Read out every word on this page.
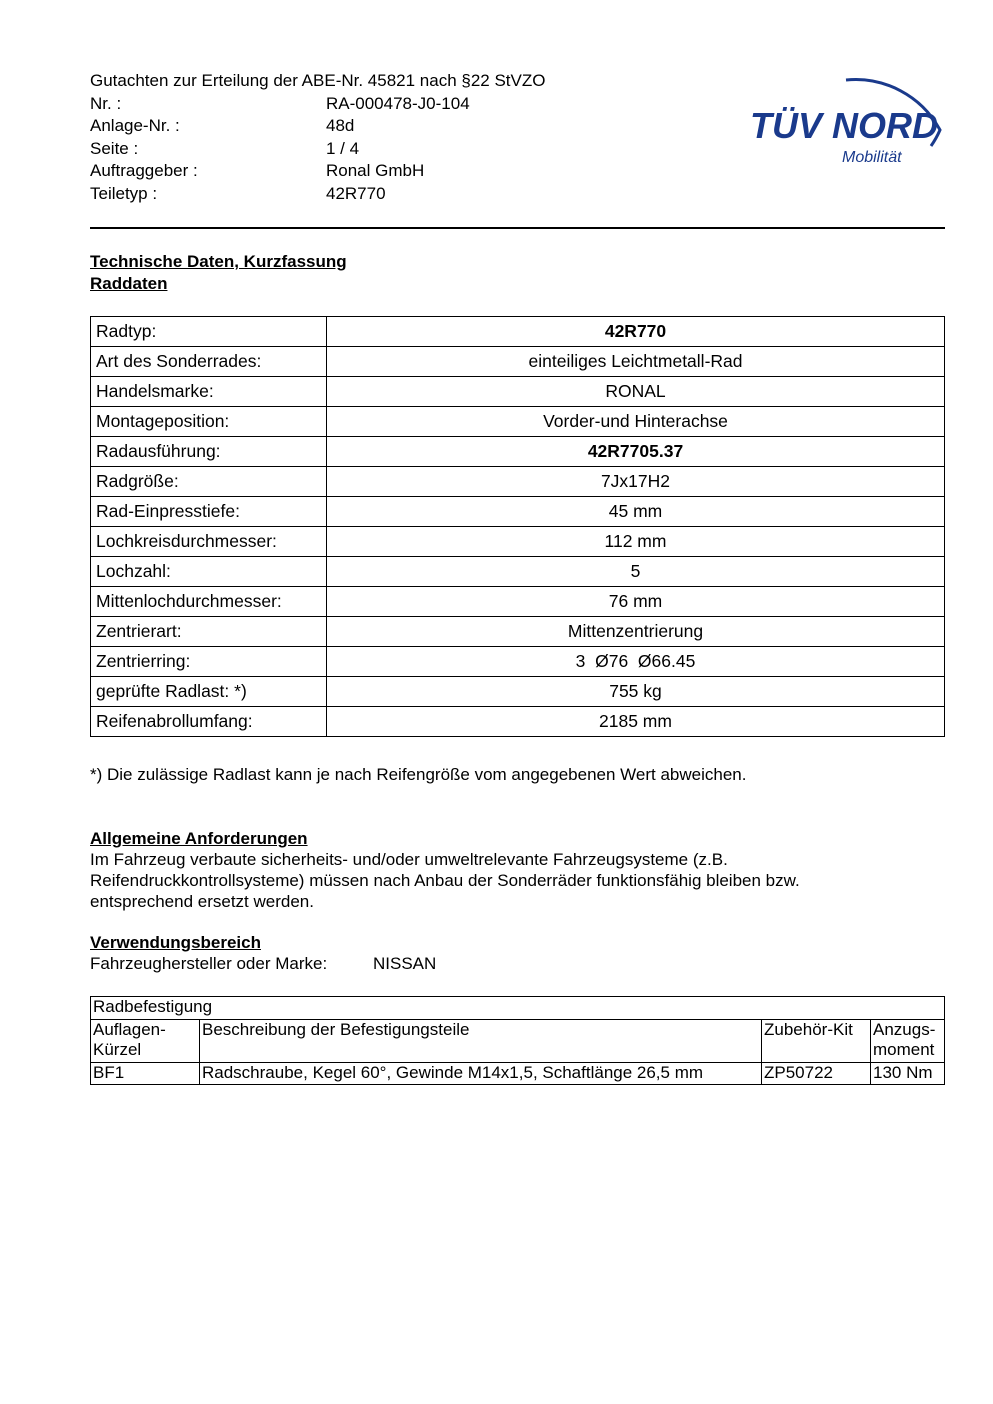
Gutachten zur Erteilung der ABE-Nr. 45821 nach §22 StVZO
Nr. :	RA-000478-J0-104
Anlage-Nr. :	48d
Seite :	1 / 4
Auftraggeber :	Ronal GmbH
Teiletyp :	42R770
TÜV NORD
Mobilität
Technische Daten, Kurzfassung
Raddaten
Radtyp:	42R770
Art des Sonderrades:	einteiliges Leichtmetall-Rad
Handelsmarke:	RONAL
Montageposition:	Vorder-und Hinterachse
Radausführung:	42R7705.37
Radgröße:	7Jx17H2
Rad-Einpresstiefe:	45 mm
Lochkreisdurchmesser:	112 mm
Lochzahl:	5
Mittenlochdurchmesser:	76 mm
Zentrierart:	Mittenzentrierung
Zentrierring:	3  Ø76  Ø66.45
geprüfte Radlast: *)	755 kg
Reifenabrollumfang:	2185 mm
*) Die zulässige Radlast kann je nach Reifengröße vom angegebenen Wert abweichen.
Allgemeine Anforderungen
Im Fahrzeug verbaute sicherheits- und/oder umweltrelevante Fahrzeugsysteme (z.B.
Reifendruckkontrollsysteme) müssen nach Anbau der Sonderräder funktionsfähig bleiben bzw.
entsprechend ersetzt werden.
Verwendungsbereich
Fahrzeughersteller oder Marke:	NISSAN
Radbefestigung			
Auflagen-
Kürzel	Beschreibung der Befestigungsteile	Zubehör-Kit	Anzugs-
moment
BF1	Radschraube, Kegel 60°, Gewinde M14x1,5, Schaftlänge 26,5 mm	ZP50722	130 Nm
